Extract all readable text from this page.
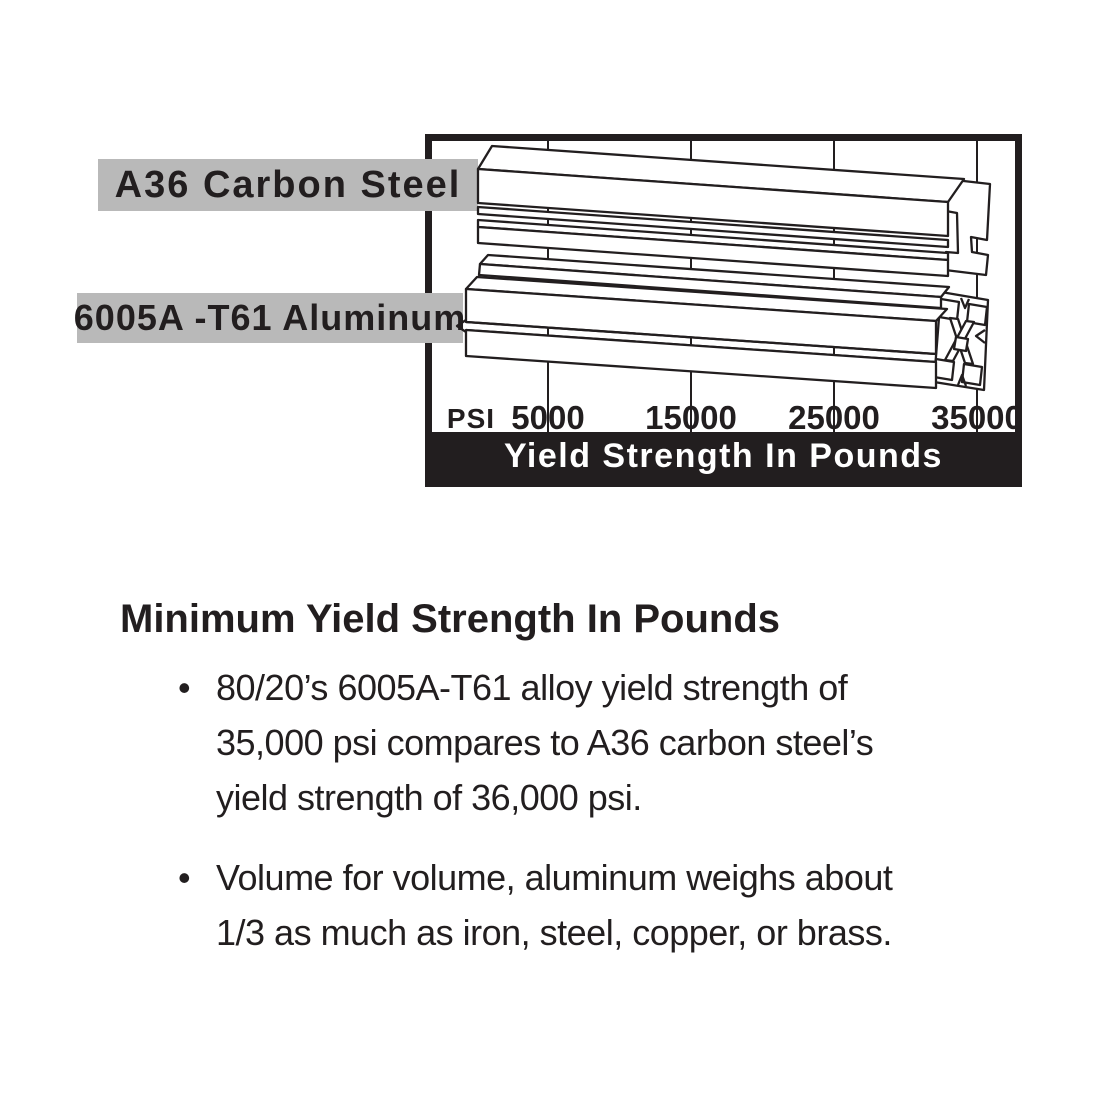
Yield Strength In Pounds
A36 Carbon Steel
6005A -T61 Aluminum
PSI 5000	15000	25000	35000
Minimum Yield Strength In Pounds
• 80/20’s 6005A-T61 alloy yield strength of
35,000 psi compares to A36 carbon steel’s
yield strength of 36,000 psi.
• Volume for volume, aluminum weighs about
1/3 as much as iron, steel, copper, or brass.
